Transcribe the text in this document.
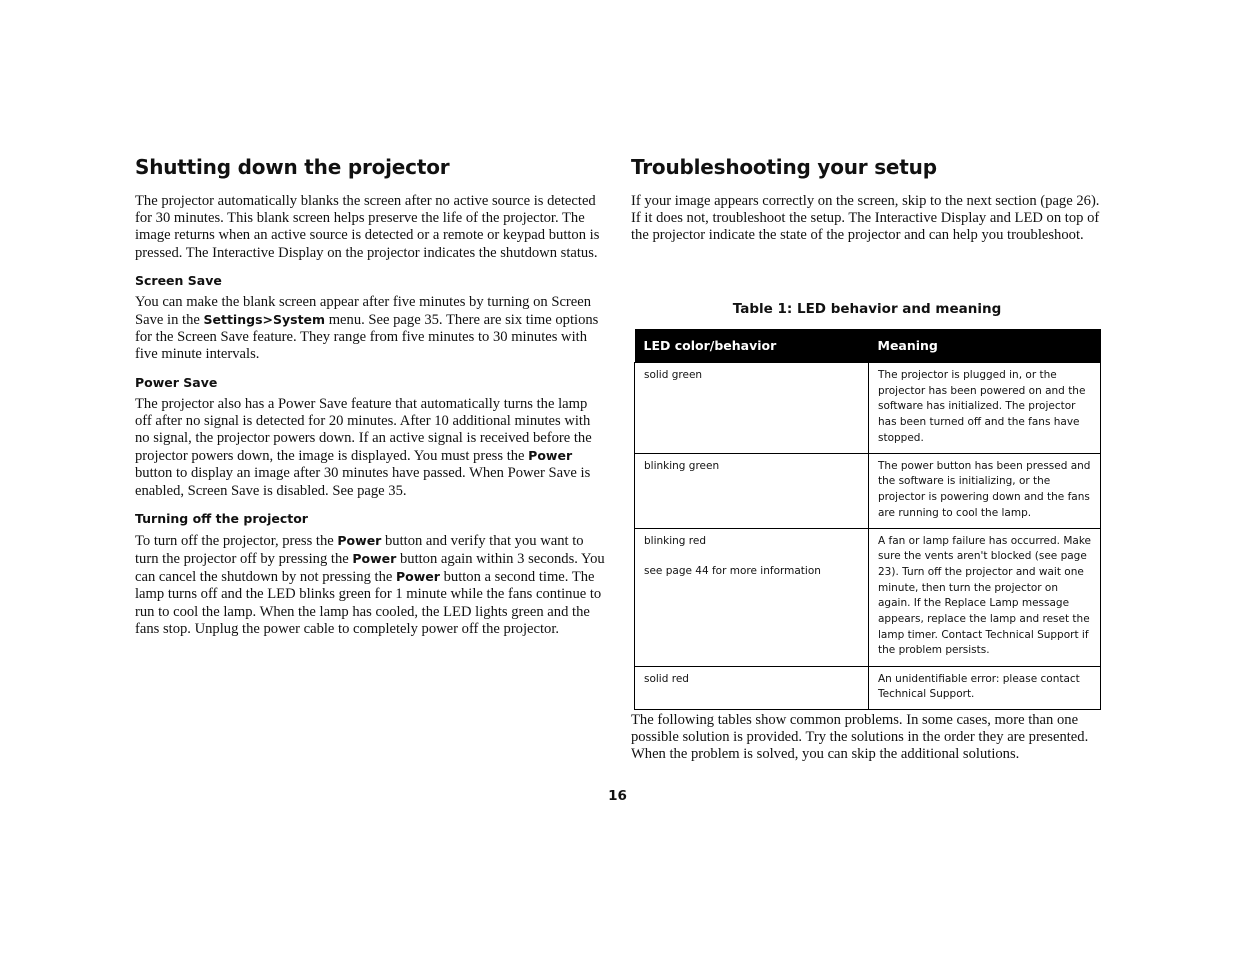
Shutting down the projector

The projector automatically blanks the screen after no active source is detected for 30 minutes. This blank screen helps preserve the life of the projector. The image returns when an active source is detected or a remote or keypad button is pressed. The Interactive Display on the projector indicates the shutdown status.

Screen Save

You can make the blank screen appear after five minutes by turning on Screen Save in the Settings>System menu. See page 35. There are six time options for the Screen Save feature. They range from five minutes to 30 minutes with five minute intervals.

Power Save

The projector also has a Power Save feature that automatically turns the lamp off after no signal is detected for 20 minutes. After 10 additional minutes with no signal, the projector powers down. If an active signal is received before the projector powers down, the image is displayed. You must press the Power button to display an image after 30 minutes have passed. When Power Save is enabled, Screen Save is disabled. See page 35.

Turning off the projector

To turn off the projector, press the Power button and verify that you want to turn the projector off by pressing the Power button again within 3 seconds. You can cancel the shutdown by not pressing the Power button a second time. The lamp turns off and the LED blinks green for 1 minute while the fans continue to run to cool the lamp. When the lamp has cooled, the LED lights green and the fans stop. Unplug the power cable to completely power off the projector.

Troubleshooting your setup

If your image appears correctly on the screen, skip to the next section (page 26). If it does not, troubleshoot the setup. The Interactive Display and LED on top of the projector indicate the state of the projector and can help you troubleshoot.

Table 1: LED behavior and meaning
LED color/behavior	Meaning
solid green	The projector is plugged in, or the projector has been powered on and the software has initialized. The projector has been turned off and the fans have stopped.
blinking green	The power button has been pressed and the software is initializing, or the projector is powering down and the fans are running to cool the lamp.
blinking red
see page 44 for more information	A fan or lamp failure has occurred. Make sure the vents aren't blocked (see page 23). Turn off the projector and wait one minute, then turn the projector on again. If the Replace Lamp message appears, replace the lamp and reset the lamp timer. Contact Technical Support if the problem persists.
solid red	An unidentifiable error: please contact Technical Support.

The following tables show common problems. In some cases, more than one possible solution is provided. Try the solutions in the order they are presented. When the problem is solved, you can skip the additional solutions.

16
